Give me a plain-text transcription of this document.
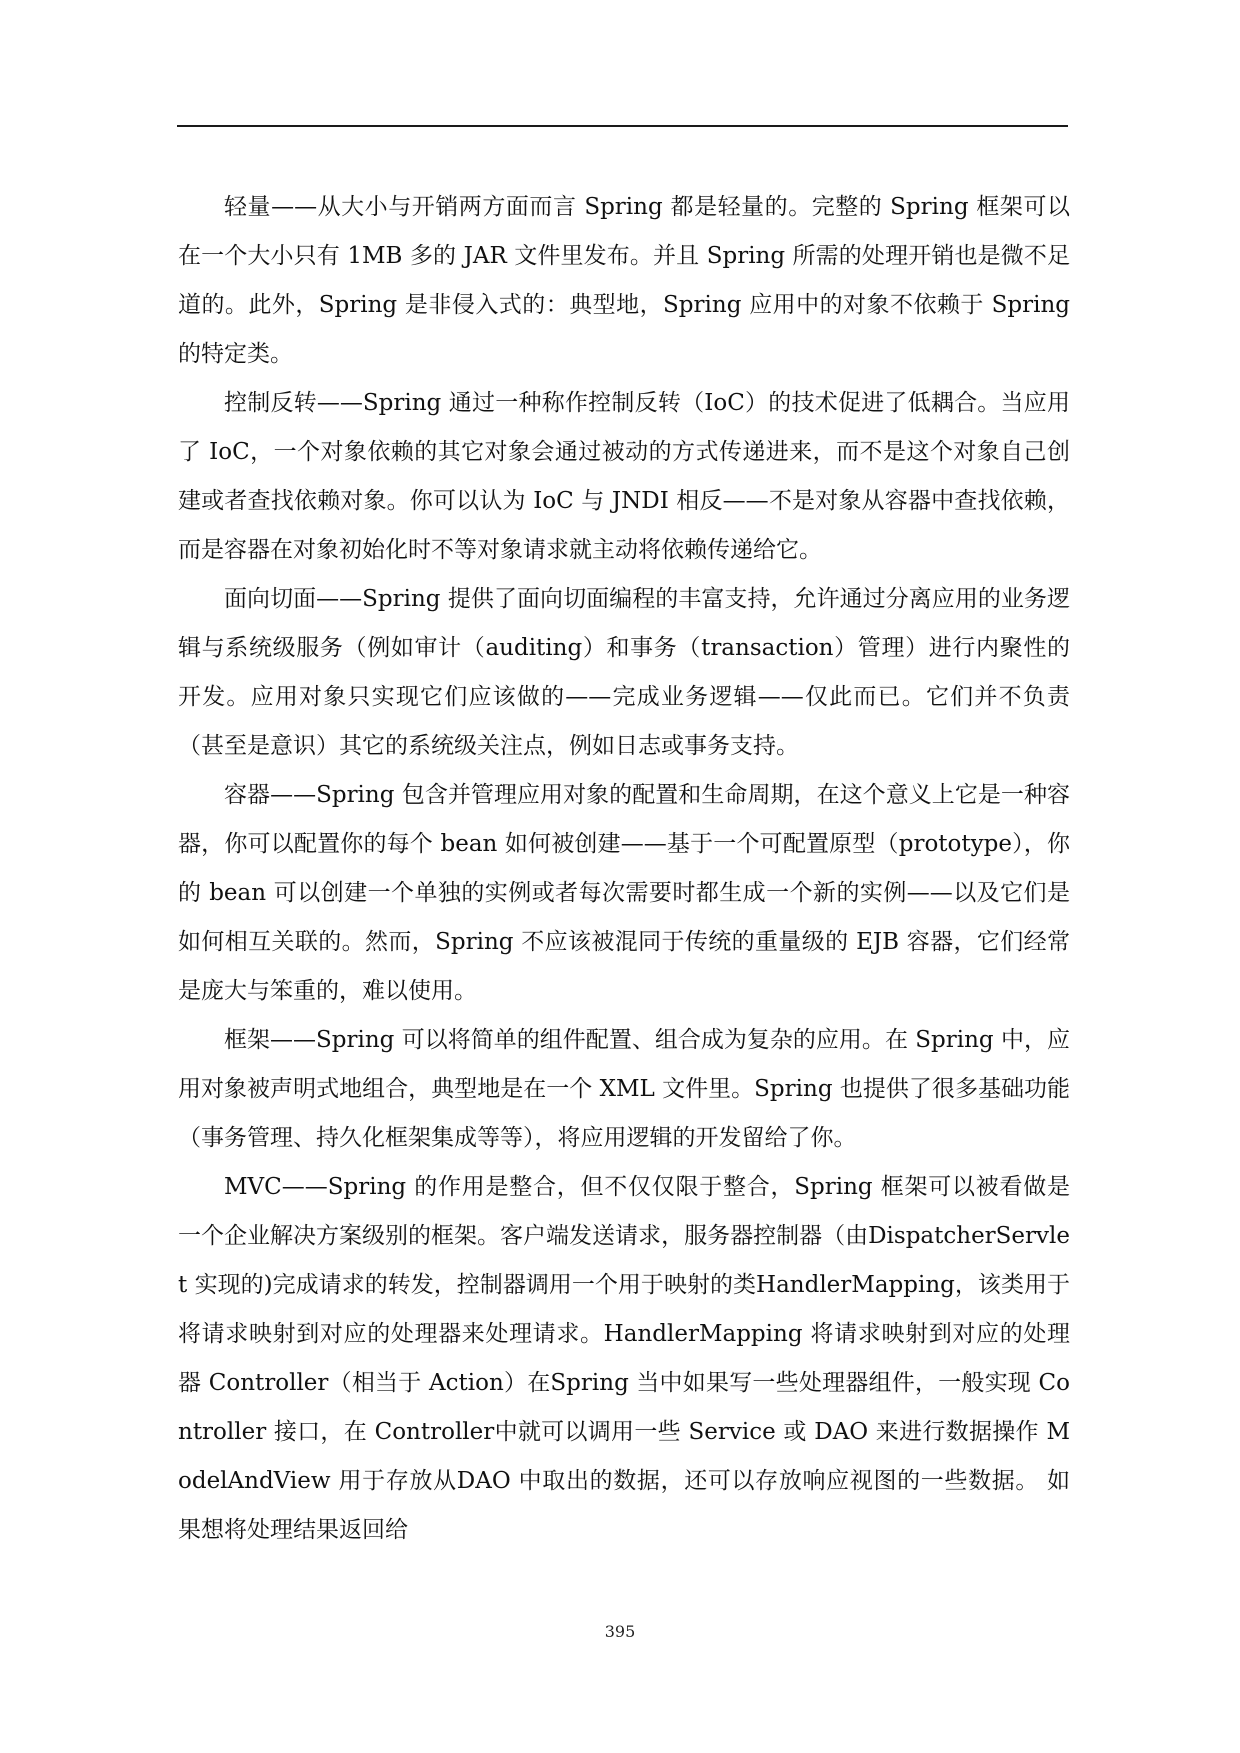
轻量——从大小与开销两方面而言 Spring 都是轻量的。完整的 Spring 框架可以在一个大小只有 1MB 多的 JAR 文件里发布。并且 Spring 所需的处理开销也是微不足道的。此外，Spring 是非侵入式的：典型地，Spring 应用中的对象不依赖于 Spring 的特定类。

控制反转——Spring 通过一种称作控制反转（IoC）的技术促进了低耦合。当应用了 IoC，一个对象依赖的其它对象会通过被动的方式传递进来，而不是这个对象自己创建或者查找依赖对象。你可以认为 IoC 与 JNDI 相反——不是对象从容器中查找依赖，而是容器在对象初始化时不等对象请求就主动将依赖传递给它。

面向切面——Spring 提供了面向切面编程的丰富支持，允许通过分离应用的业务逻辑与系统级服务（例如审计（auditing）和事务（transaction）管理）进行内聚性的开发。应用对象只实现它们应该做的——完成业务逻辑——仅此而已。它们并不负责（甚至是意识）其它的系统级关注点，例如日志或事务支持。

容器——Spring 包含并管理应用对象的配置和生命周期，在这个意义上它是一种容器，你可以配置你的每个 bean 如何被创建——基于一个可配置原型（prototype），你的 bean 可以创建一个单独的实例或者每次需要时都生成一个新的实例——以及它们是如何相互关联的。然而，Spring 不应该被混同于传统的重量级的 EJB 容器，它们经常是庞大与笨重的，难以使用。

框架——Spring 可以将简单的组件配置、组合成为复杂的应用。在 Spring 中，应用对象被声明式地组合，典型地是在一个 XML 文件里。Spring 也提供了很多基础功能（事务管理、持久化框架集成等等），将应用逻辑的开发留给了你。

MVC——Spring 的作用是整合，但不仅仅限于整合，Spring 框架可以被看做是一个企业解决方案级别的框架。客户端发送请求，服务器控制器（由DispatcherServlet 实现的)完成请求的转发，控制器调用一个用于映射的类HandlerMapping，该类用于将请求映射到对应的处理器来处理请求。HandlerMapping 将请求映射到对应的处理器 Controller（相当于 Action）在Spring 当中如果写一些处理器组件，一般实现 Controller 接口，在 Controller中就可以调用一些 Service 或 DAO 来进行数据操作 ModelAndView 用于存放从DAO 中取出的数据，还可以存放响应视图的一些数据。 如果想将处理结果返回给

395
